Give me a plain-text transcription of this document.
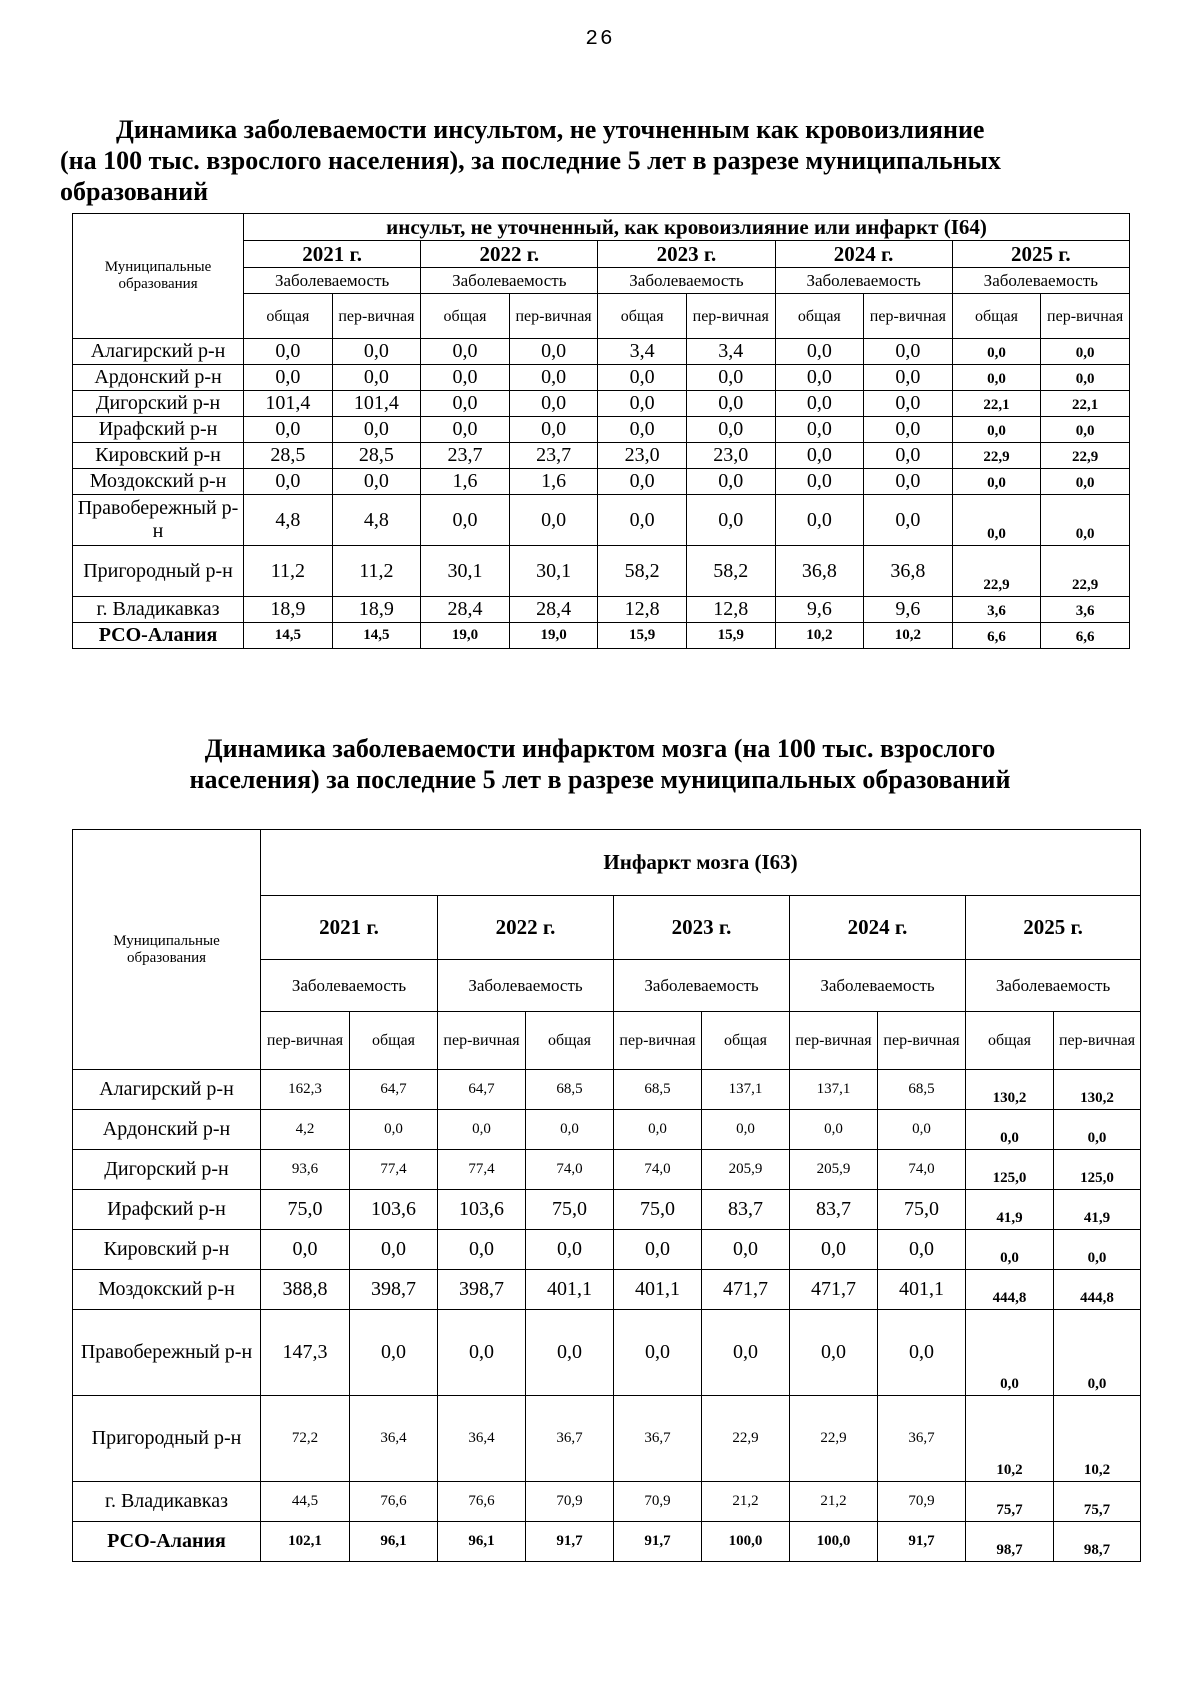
26
Динамика заболеваемости инсультом, не уточненным как кровоизлияние
(на 100 тыс. взрослого населения), за последние 5 лет в разрезе муниципальных
образований
Муниципальные образования	инсульт, не уточненный, как кровоизлияние или инфаркт (I64)									
	2021 г.		2022 г.		2023 г.		2024 г.		2025 г.	
	Заболеваемость		Заболеваемость		Заболеваемость		Заболеваемость		Заболеваемость	
	общая	пер-вичная	общая	пер-вичная	общая	пер-вичная	общая	пер-вичная	общая	пер-вичная
Алагирский р-н	0,0	0,0	0,0	0,0	3,4	3,4	0,0	0,0	0,0	0,0
Ардонский р-н	0,0	0,0	0,0	0,0	0,0	0,0	0,0	0,0	0,0	0,0
Дигорский р-н	101,4	101,4	0,0	0,0	0,0	0,0	0,0	0,0	22,1	22,1
Ирафский р-н	0,0	0,0	0,0	0,0	0,0	0,0	0,0	0,0	0,0	0,0
Кировский р-н	28,5	28,5	23,7	23,7	23,0	23,0	0,0	0,0	22,9	22,9
Моздокский р-н	0,0	0,0	1,6	1,6	0,0	0,0	0,0	0,0	0,0	0,0
Правобережный р-н	4,8	4,8	0,0	0,0	0,0	0,0	0,0	0,0	0,0	0,0
Пригородный р-н	11,2	11,2	30,1	30,1	58,2	58,2	36,8	36,8	22,9	22,9
г. Владикавказ	18,9	18,9	28,4	28,4	12,8	12,8	9,6	9,6	3,6	3,6
РСО-Алания	14,5	14,5	19,0	19,0	15,9	15,9	10,2	10,2	6,6	6,6
Динамика заболеваемости инфарктом мозга (на 100 тыс. взрослого
населения) за последние 5 лет в разрезе муниципальных образований
Муниципальные образования	Инфаркт мозга (I63)									
	2021 г.		2022 г.		2023 г.		2024 г.		2025 г.	
	Заболеваемость		Заболеваемость		Заболеваемость		Заболеваемость		Заболеваемость	
	пер-вичная	общая	пер-вичная	общая	пер-вичная	общая	пер-вичная	пер-вичная	общая	пер-вичная
Алагирский р-н	162,3	64,7	64,7	68,5	68,5	137,1	137,1	68,5	130,2	130,2
Ардонский р-н	4,2	0,0	0,0	0,0	0,0	0,0	0,0	0,0	0,0	0,0
Дигорский р-н	93,6	77,4	77,4	74,0	74,0	205,9	205,9	74,0	125,0	125,0
Ирафский р-н	75,0	103,6	103,6	75,0	75,0	83,7	83,7	75,0	41,9	41,9
Кировский р-н	0,0	0,0	0,0	0,0	0,0	0,0	0,0	0,0	0,0	0,0
Моздокский р-н	388,8	398,7	398,7	401,1	401,1	471,7	471,7	401,1	444,8	444,8
Правобережный р-н	147,3	0,0	0,0	0,0	0,0	0,0	0,0	0,0	0,0	0,0
Пригородный р-н	72,2	36,4	36,4	36,7	36,7	22,9	22,9	36,7	10,2	10,2
г. Владикавказ	44,5	76,6	76,6	70,9	70,9	21,2	21,2	70,9	75,7	75,7
РСО-Алания	102,1	96,1	96,1	91,7	91,7	100,0	100,0	91,7	98,7	98,7
